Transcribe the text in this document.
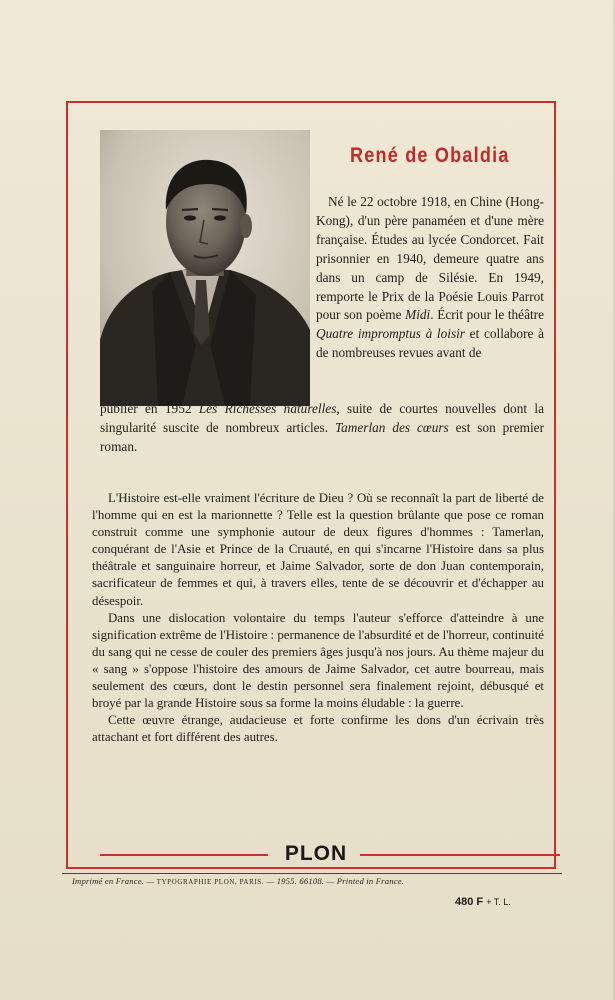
René de Obaldia

Né le 22 octobre 1918, en Chine (Hong-Kong), d'un père panaméen et d'une mère française. Études au lycée Condorcet. Fait prisonnier en 1940, demeure quatre ans dans un camp de Silésie. En 1949, remporte le Prix de la Poésie Louis Parrot pour son poème Midi. Écrit pour le théâtre Quatre impromptus à loisir et collabore à de nombreuses revues avant de

publier en 1952 Les Richesses naturelles, suite de courtes nouvelles dont la singularité suscite de nombreux articles. Tamerlan des cœurs est son premier roman.

L'Histoire est-elle vraiment l'écriture de Dieu ? Où se reconnaît la part de liberté de l'homme qui en est la marionnette ? Telle est la question brûlante que pose ce roman construit comme une symphonie autour de deux figures d'hommes : Tamerlan, conquérant de l'Asie et Prince de la Cruauté, en qui s'incarne l'Histoire dans sa plus théâtrale et sanguinaire horreur, et Jaime Salvador, sorte de don Juan contemporain, sacrificateur de femmes et qui, à travers elles, tente de se découvrir et d'échapper au désespoir.

Dans une dislocation volontaire du temps l'auteur s'efforce d'atteindre à une signification extrême de l'Histoire : permanence de l'absurdité et de l'horreur, continuité du sang qui ne cesse de couler des premiers âges jusqu'à nos jours. Au thème majeur du « sang » s'oppose l'histoire des amours de Jaime Salvador, cet autre bourreau, mais seulement des cœurs, dont le destin personnel sera finalement rejoint, débusqué et broyé par la grande Histoire sous sa forme la moins éludable : la guerre.

Cette œuvre étrange, audacieuse et forte confirme les dons d'un écrivain très attachant et fort différent des autres.

PLON

Imprimé en France. — TYPOGRAPHIE PLON, PARIS. — 1955. 66108. — Printed in France.
480 F + T. L.
